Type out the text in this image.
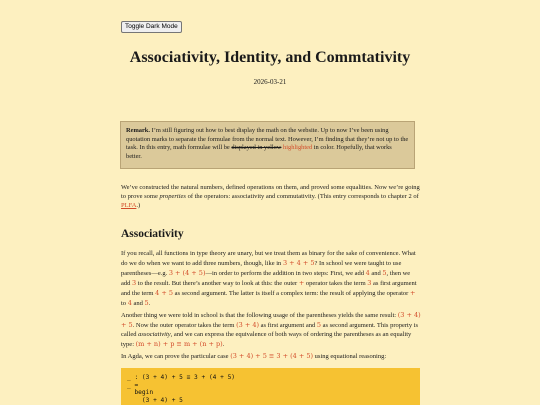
Toggle Dark Mode
Associativity, Identity, and Commtativity
2026-03-21
Remark. I’m still figuring out how to best display the math on the website. Up to now I’ve been using quotation marks to separate the formulae from the normal text. However, I’m finding that they’re not up to the task. In this entry, math formulae will be displayed in yellow highlighted in color. Hopefully, that works better.

We’ve constructed the natural numbers, defined operations on them, and proved some equalities. Now we’re going to prove some properties of the operators: associativity and commutativity. (This entry corresponds to chapter 2 of PLFA.)

Associativity

If you recall, all functions in type theory are unary, but we treat them as binary for the sake of convenience. What do we do when we want to add three numbers, though, like in 3 + 4 + 5? In school we were taught to use parentheses—e.g. 3 + (4 + 5)—in order to perform the addition in two steps: First, we add 4 and 5, then we add 3 to the result. But there’s another way to look at this: the outer + operator takes the term 3 as first argument and the term 4 + 5 as second argument. The latter is itself a complex term: the result of applying the operator + to 4 and 5.

Another thing we were told in school is that the following usage of the parentheses yields the same result: (3 + 4) + 5. Now the outer operator takes the term (3 + 4) as first argument and 5 as second argument. This property is called associativity, and we can express the equivalence of both ways of ordering the parentheses as an equality type: (m + n) + p ≡ m + (n + p).

In Agda, we can prove the particular case (3 + 4) + 5 ≡ 3 + (4 + 5) using equational reasoning:

_ : (3 + 4) + 5 ≡ 3 + (4 + 5)
_ =
begin
(3 + 4) + 5
